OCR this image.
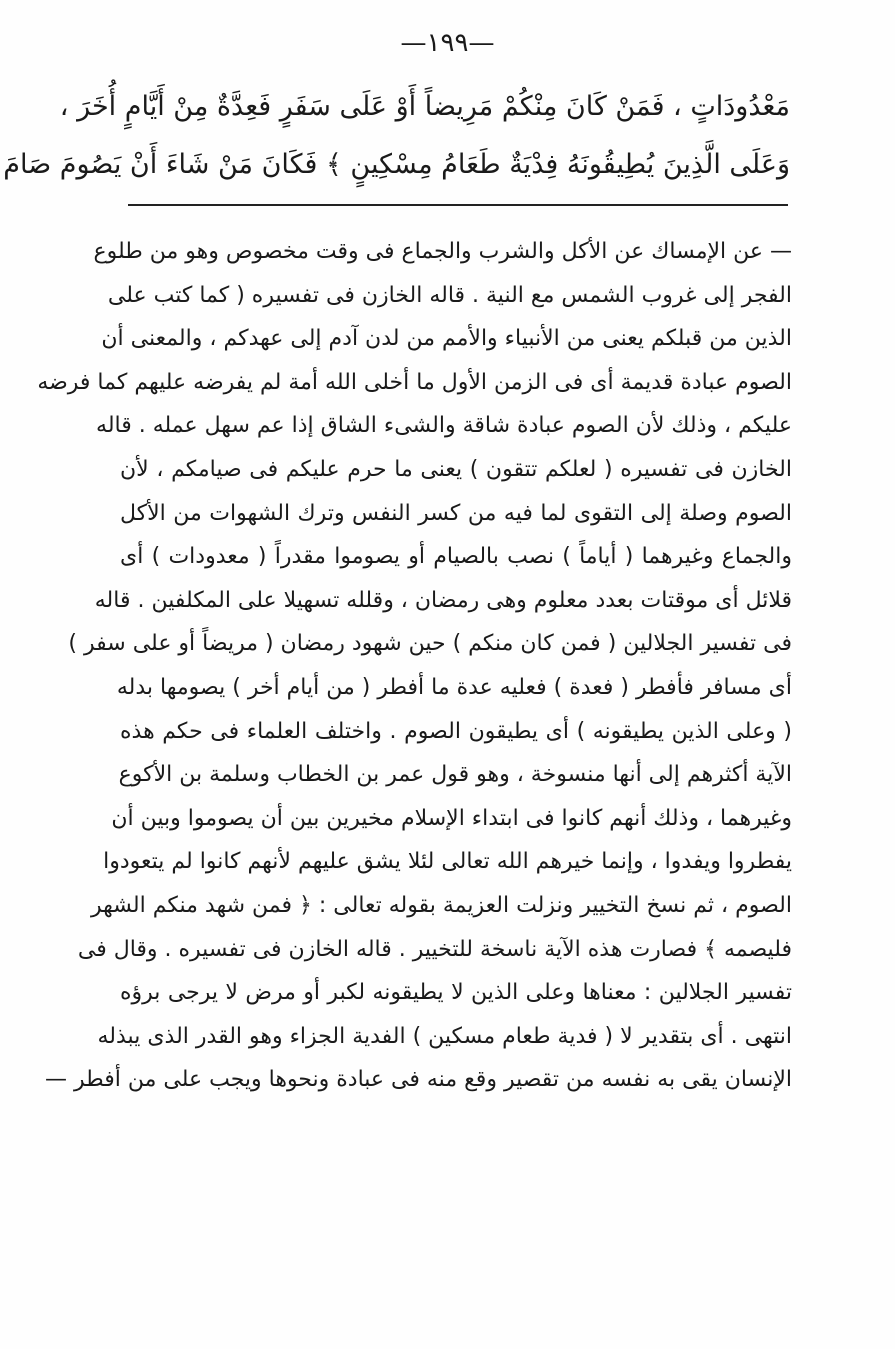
—١٩٩—
مَعْدُودَاتٍ ، فَمَنْ كَانَ مِنْكُمْ مَرِيضاً أَوْ عَلَى سَفَرٍ فَعِدَّةٌ مِنْ أَيَّامٍ أُخَرَ ،
وَعَلَى الَّذِينَ يُطِيقُونَهُ فِدْيَةٌ طَعَامُ مِسْكِينٍ ﴾ فَكَانَ مَنْ شَاءَ أَنْ يَصُومَ صَامَ
— عن الإمساك عن الأكل والشرب والجماع فى وقت مخصوص وهو من طلوع
الفجر إلى غروب الشمس مع النية . قاله الخازن فى تفسيره ( كما كتب على
الذين من قبلكم يعنى من الأنبياء والأمم من لدن آدم إلى عهدكم ، والمعنى أن
الصوم عبادة قديمة أى فى الزمن الأول ما أخلى الله أمة لم يفرضه عليهم كما فرضه
عليكم ، وذلك لأن الصوم عبادة شاقة والشىء الشاق إذا عم سهل عمله . قاله
الخازن فى تفسيره ( لعلكم تتقون ) يعنى ما حرم عليكم فى صيامكم ، لأن
الصوم وصلة إلى التقوى لما فيه من كسر النفس وترك الشهوات من الأكل
والجماع وغيرهما ( أياماً ) نصب بالصيام أو يصوموا مقدراً ( معدودات ) أى
قلائل أى موقتات بعدد معلوم وهى رمضان ، وقلله تسهيلا على المكلفين . قاله
فى تفسير الجلالين ( فمن كان منكم ) حين شهود رمضان ( مريضاً أو على سفر )
أى مسافر فأفطر ( فعدة ) فعليه عدة ما أفطر ( من أيام أخر ) يصومها بدله
( وعلى الذين يطيقونه ) أى يطيقون الصوم . واختلف العلماء فى حكم هذه
الآية أكثرهم إلى أنها منسوخة ، وهو قول عمر بن الخطاب وسلمة بن الأكوع
وغيرهما ، وذلك أنهم كانوا فى ابتداء الإسلام مخيرين بين أن يصوموا وبين أن
يفطروا ويفدوا ، وإنما خيرهم الله تعالى لئلا يشق عليهم لأنهم كانوا لم يتعودوا
الصوم ، ثم نسخ التخيير ونزلت العزيمة بقوله تعالى : ﴿ فمن شهد منكم الشهر
فليصمه ﴾ فصارت هذه الآية ناسخة للتخيير . قاله الخازن فى تفسيره . وقال فى
تفسير الجلالين : معناها وعلى الذين لا يطيقونه لكبر أو مرض لا يرجى برؤه
انتهى . أى بتقدير لا ( فدية طعام مسكين ) الفدية الجزاء وهو القدر الذى يبذله
الإنسان يقى به نفسه من تقصير وقع منه فى عبادة ونحوها ويجب على من أفطر —
